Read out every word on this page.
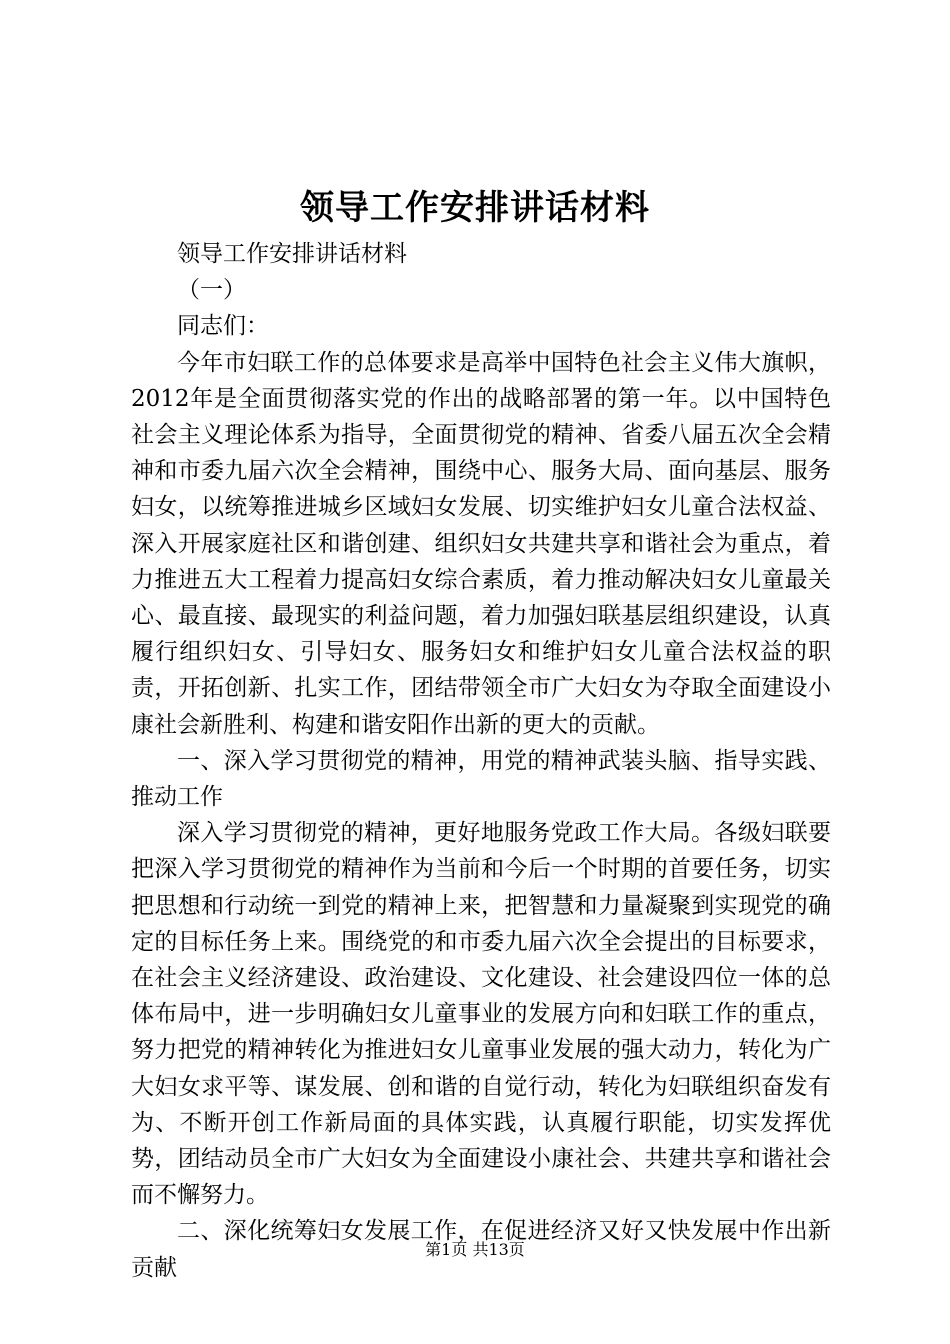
领导工作安排讲话材料

领导工作安排讲话材料

（一）

同志们：

今年市妇联工作的总体要求是高举中国特色社会主义伟大旗帜，2012年是全面贯彻落实党的作出的战略部署的第一年。以中国特色社会主义理论体系为指导，全面贯彻党的精神、省委八届五次全会精神和市委九届六次全会精神，围绕中心、服务大局、面向基层、服务妇女，以统筹推进城乡区域妇女发展、切实维护妇女儿童合法权益、深入开展家庭社区和谐创建、组织妇女共建共享和谐社会为重点，着力推进五大工程着力提高妇女综合素质，着力推动解决妇女儿童最关心、最直接、最现实的利益问题，着力加强妇联基层组织建设，认真履行组织妇女、引导妇女、服务妇女和维护妇女儿童合法权益的职责，开拓创新、扎实工作，团结带领全市广大妇女为夺取全面建设小康社会新胜利、构建和谐安阳作出新的更大的贡献。

一、深入学习贯彻党的精神，用党的精神武装头脑、指导实践、推动工作

深入学习贯彻党的精神，更好地服务党政工作大局。各级妇联要把深入学习贯彻党的精神作为当前和今后一个时期的首要任务，切实把思想和行动统一到党的精神上来，把智慧和力量凝聚到实现党的确定的目标任务上来。围绕党的和市委九届六次全会提出的目标要求，在社会主义经济建设、政治建设、文化建设、社会建设四位一体的总体布局中，进一步明确妇女儿童事业的发展方向和妇联工作的重点，努力把党的精神转化为推进妇女儿童事业发展的强大动力，转化为广大妇女求平等、谋发展、创和谐的自觉行动，转化为妇联组织奋发有为、不断开创工作新局面的具体实践，认真履行职能，切实发挥优势，团结动员全市广大妇女为全面建设小康社会、共建共享和谐社会而不懈努力。

二、深化统筹妇女发展工作，在促进经济又好又快发展中作出新贡献

第1页 共13页
